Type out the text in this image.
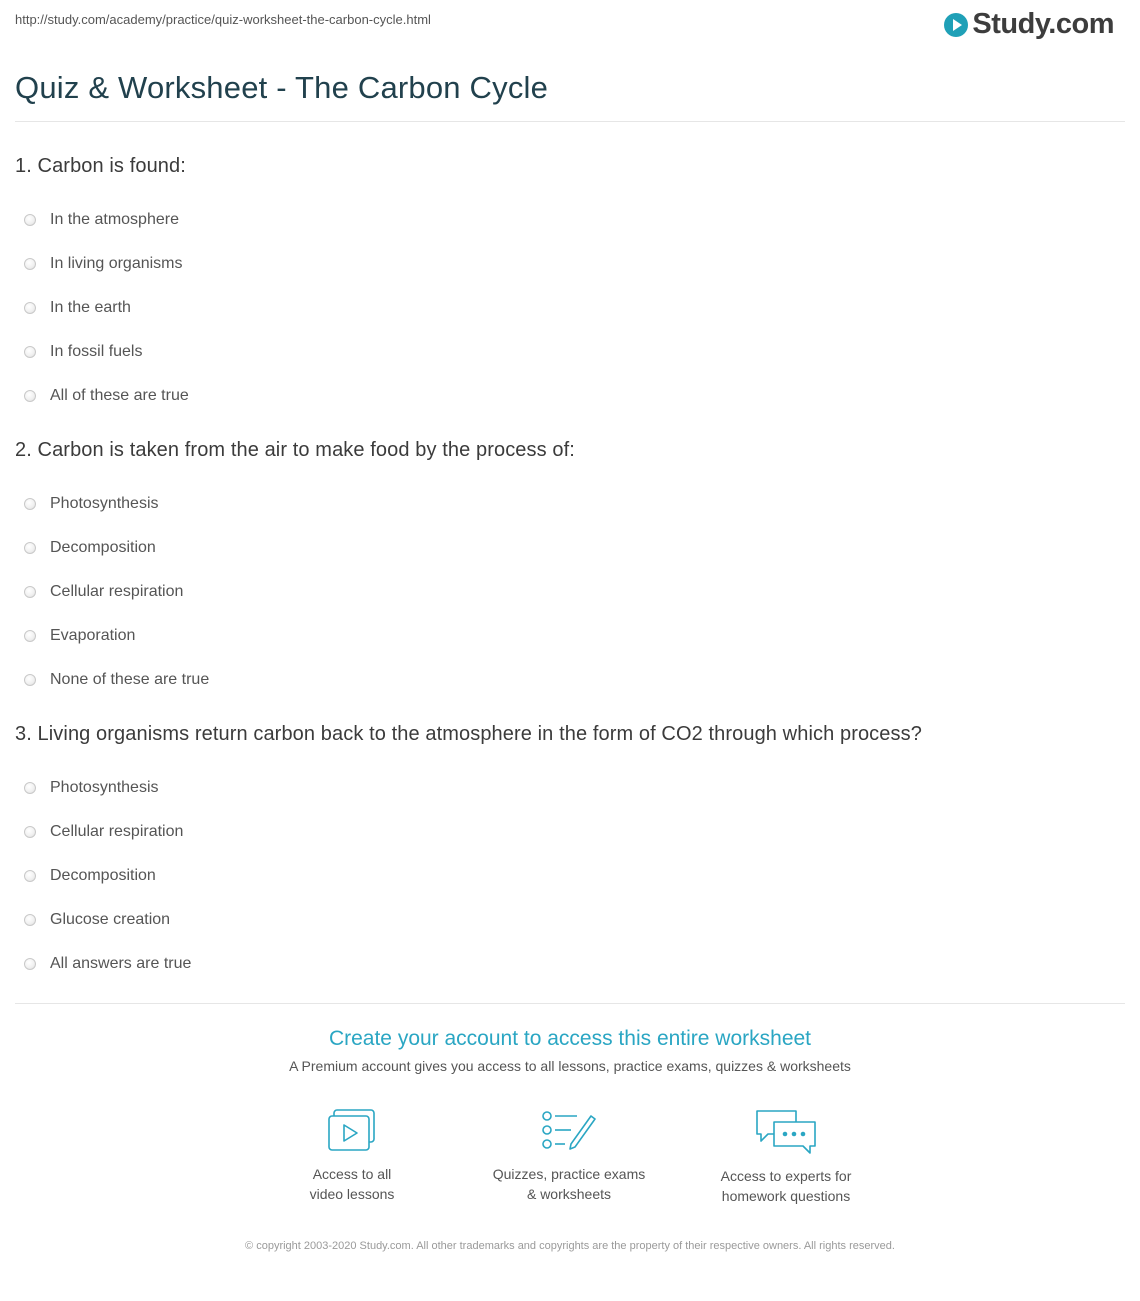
http://study.com/academy/practice/quiz-worksheet-the-carbon-cycle.html	Study.com
Quiz & Worksheet - The Carbon Cycle
1. Carbon is found:
In the atmosphere
In living organisms
In the earth
In fossil fuels
All of these are true
2. Carbon is taken from the air to make food by the process of:
Photosynthesis
Decomposition
Cellular respiration
Evaporation
None of these are true
3. Living organisms return carbon back to the atmosphere in the form of CO2 through which process?
Photosynthesis
Cellular respiration
Decomposition
Glucose creation
All answers are true
Create your account to access this entire worksheet
A Premium account gives you access to all lessons, practice exams, quizzes & worksheets
Access to all
video lessons
Quizzes, practice exams
& worksheets
Access to experts for
homework questions
© copyright 2003-2020 Study.com. All other trademarks and copyrights are the property of their respective owners. All rights reserved.
